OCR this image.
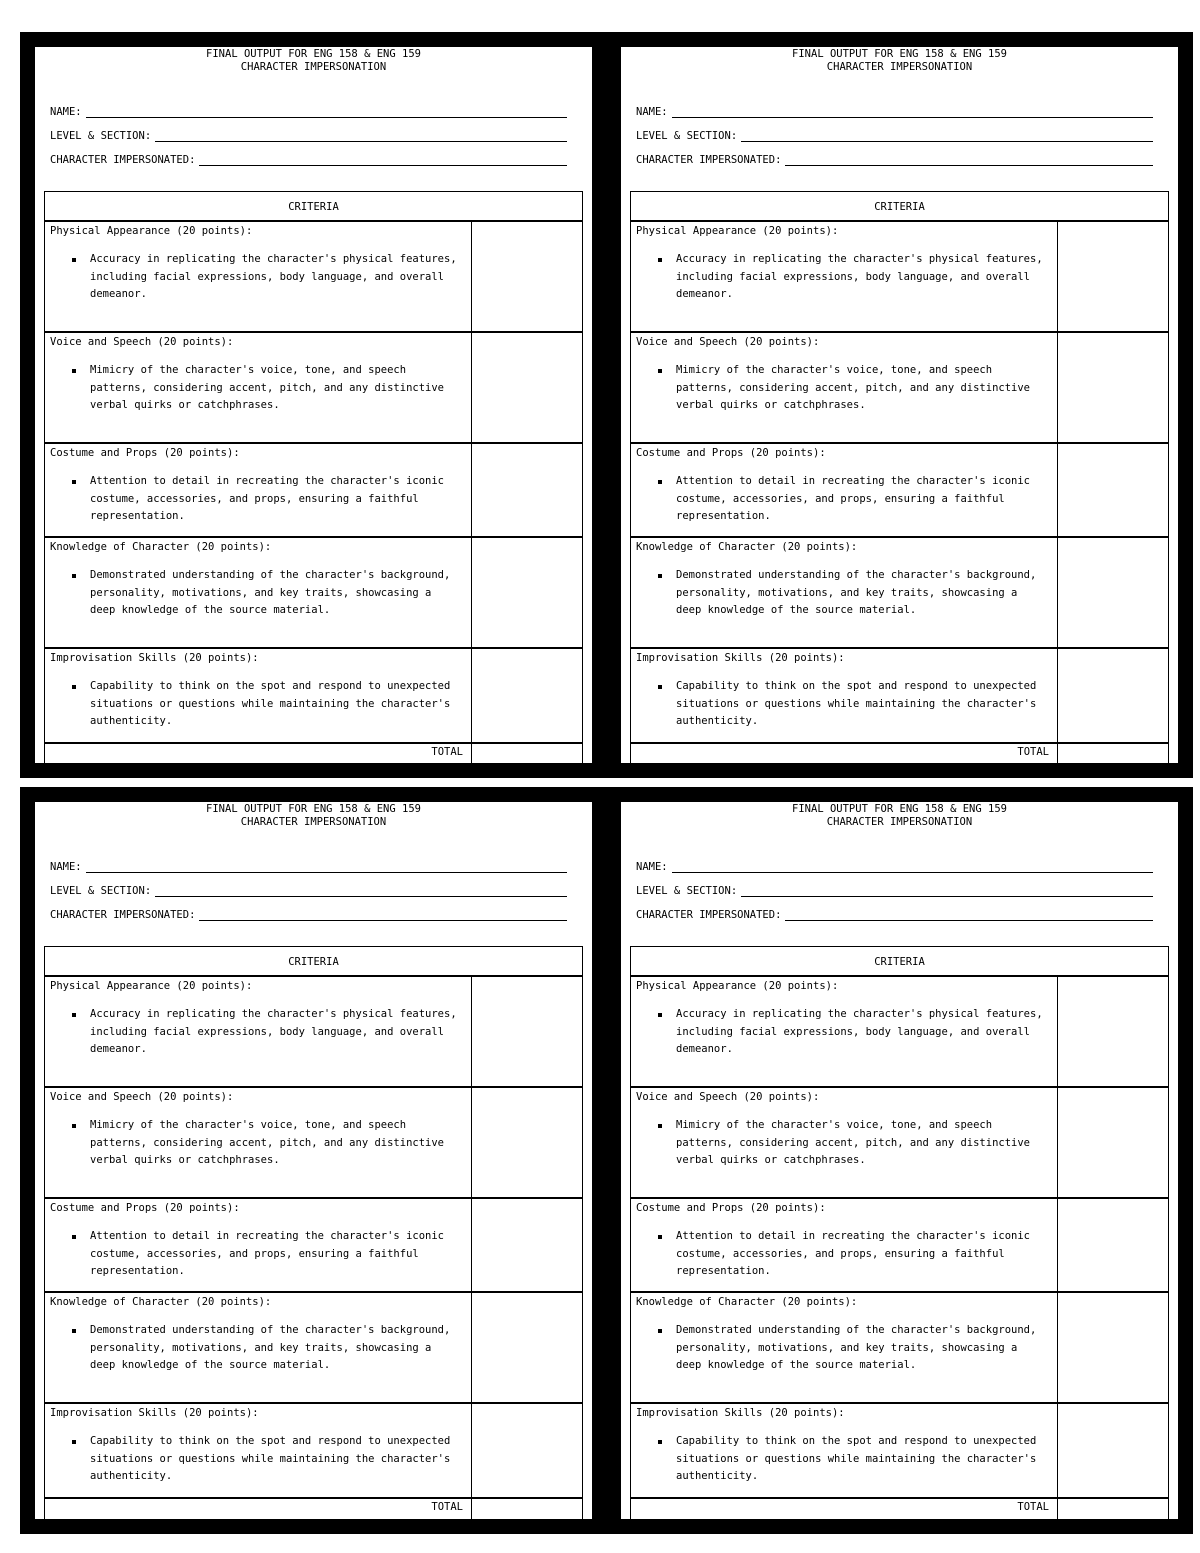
FINAL OUTPUT FOR ENG 158 & ENG 159
CHARACTER IMPERSONATION
NAME:
LEVEL & SECTION:
CHARACTER IMPERSONATED:
CRITERIA	

Physical Appearance (20 points):
Accuracy in replicating the character's physical features, including facial expressions, body language, and overall demeanor.	

Voice and Speech (20 points):
Mimicry of the character's voice, tone, and speech patterns, considering accent, pitch, and any distinctive verbal quirks or catchphrases.	

Costume and Props (20 points):
Attention to detail in recreating the character's iconic costume, accessories, and props, ensuring a faithful representation.	

Knowledge of Character (20 points):
Demonstrated understanding of the character's background, personality, motivations, and key traits, showcasing a deep knowledge of the source material.	

Improvisation Skills (20 points):
Capability to think on the spot and respond to unexpected situations or questions while maintaining the character's authenticity.	

TOTAL	
FINAL OUTPUT FOR ENG 158 & ENG 159
CHARACTER IMPERSONATION
NAME:
LEVEL & SECTION:
CHARACTER IMPERSONATED:
CRITERIA	

Physical Appearance (20 points):
Accuracy in replicating the character's physical features, including facial expressions, body language, and overall demeanor.	

Voice and Speech (20 points):
Mimicry of the character's voice, tone, and speech patterns, considering accent, pitch, and any distinctive verbal quirks or catchphrases.	

Costume and Props (20 points):
Attention to detail in recreating the character's iconic costume, accessories, and props, ensuring a faithful representation.	

Knowledge of Character (20 points):
Demonstrated understanding of the character's background, personality, motivations, and key traits, showcasing a deep knowledge of the source material.	

Improvisation Skills (20 points):
Capability to think on the spot and respond to unexpected situations or questions while maintaining the character's authenticity.	

TOTAL	
FINAL OUTPUT FOR ENG 158 & ENG 159
CHARACTER IMPERSONATION
NAME:
LEVEL & SECTION:
CHARACTER IMPERSONATED:
CRITERIA	

Physical Appearance (20 points):
Accuracy in replicating the character's physical features, including facial expressions, body language, and overall demeanor.	

Voice and Speech (20 points):
Mimicry of the character's voice, tone, and speech patterns, considering accent, pitch, and any distinctive verbal quirks or catchphrases.	

Costume and Props (20 points):
Attention to detail in recreating the character's iconic costume, accessories, and props, ensuring a faithful representation.	

Knowledge of Character (20 points):
Demonstrated understanding of the character's background, personality, motivations, and key traits, showcasing a deep knowledge of the source material.	

Improvisation Skills (20 points):
Capability to think on the spot and respond to unexpected situations or questions while maintaining the character's authenticity.	

TOTAL	
FINAL OUTPUT FOR ENG 158 & ENG 159
CHARACTER IMPERSONATION
NAME:
LEVEL & SECTION:
CHARACTER IMPERSONATED:
CRITERIA	

Physical Appearance (20 points):
Accuracy in replicating the character's physical features, including facial expressions, body language, and overall demeanor.	

Voice and Speech (20 points):
Mimicry of the character's voice, tone, and speech patterns, considering accent, pitch, and any distinctive verbal quirks or catchphrases.	

Costume and Props (20 points):
Attention to detail in recreating the character's iconic costume, accessories, and props, ensuring a faithful representation.	

Knowledge of Character (20 points):
Demonstrated understanding of the character's background, personality, motivations, and key traits, showcasing a deep knowledge of the source material.	

Improvisation Skills (20 points):
Capability to think on the spot and respond to unexpected situations or questions while maintaining the character's authenticity.	

TOTAL	
